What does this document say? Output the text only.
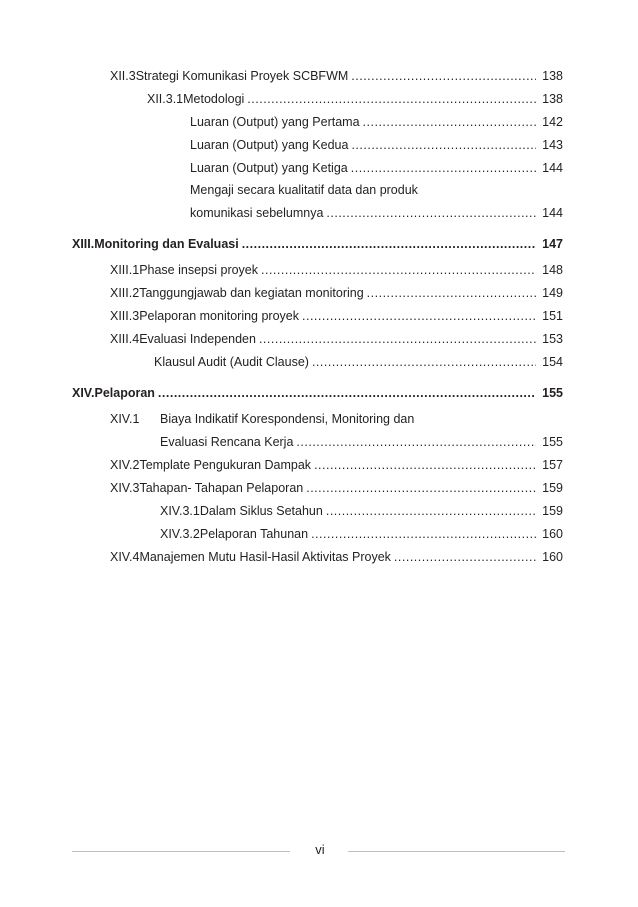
XII.3 Strategi Komunikasi Proyek SCBFWM .....	138
XII.3.1 Metodologi .....	138
Luaran (Output) yang Pertama .....	142
Luaran (Output) yang Kedua .....	143
Luaran (Output) yang Ketiga .....	144
Mengaji secara kualitatif data dan produk
komunikasi sebelumnya .....	144
XIII. Monitoring dan Evaluasi .....	147
XIII.1 Phase insepsi proyek .....	148
XIII.2 Tanggungjawab dan kegiatan monitoring .....	149
XIII.3 Pelaporan monitoring proyek .....	151
XIII.4 Evaluasi Independen .....	153
Klausul Audit (Audit Clause) .....	154
XIV. Pelaporan .....	155
XIV.1	Biaya Indikatif Korespondensi, Monitoring dan
Evaluasi Rencana Kerja .....	155
XIV.2 Template Pengukuran Dampak .....	157
XIV.3 Tahapan- Tahapan Pelaporan .....	159
XIV.3.1 Dalam Siklus Setahun .....	159
XIV.3.2 Pelaporan Tahunan .....	160
XIV.4 Manajemen Mutu Hasil-Hasil Aktivitas Proyek .....	160
vi
